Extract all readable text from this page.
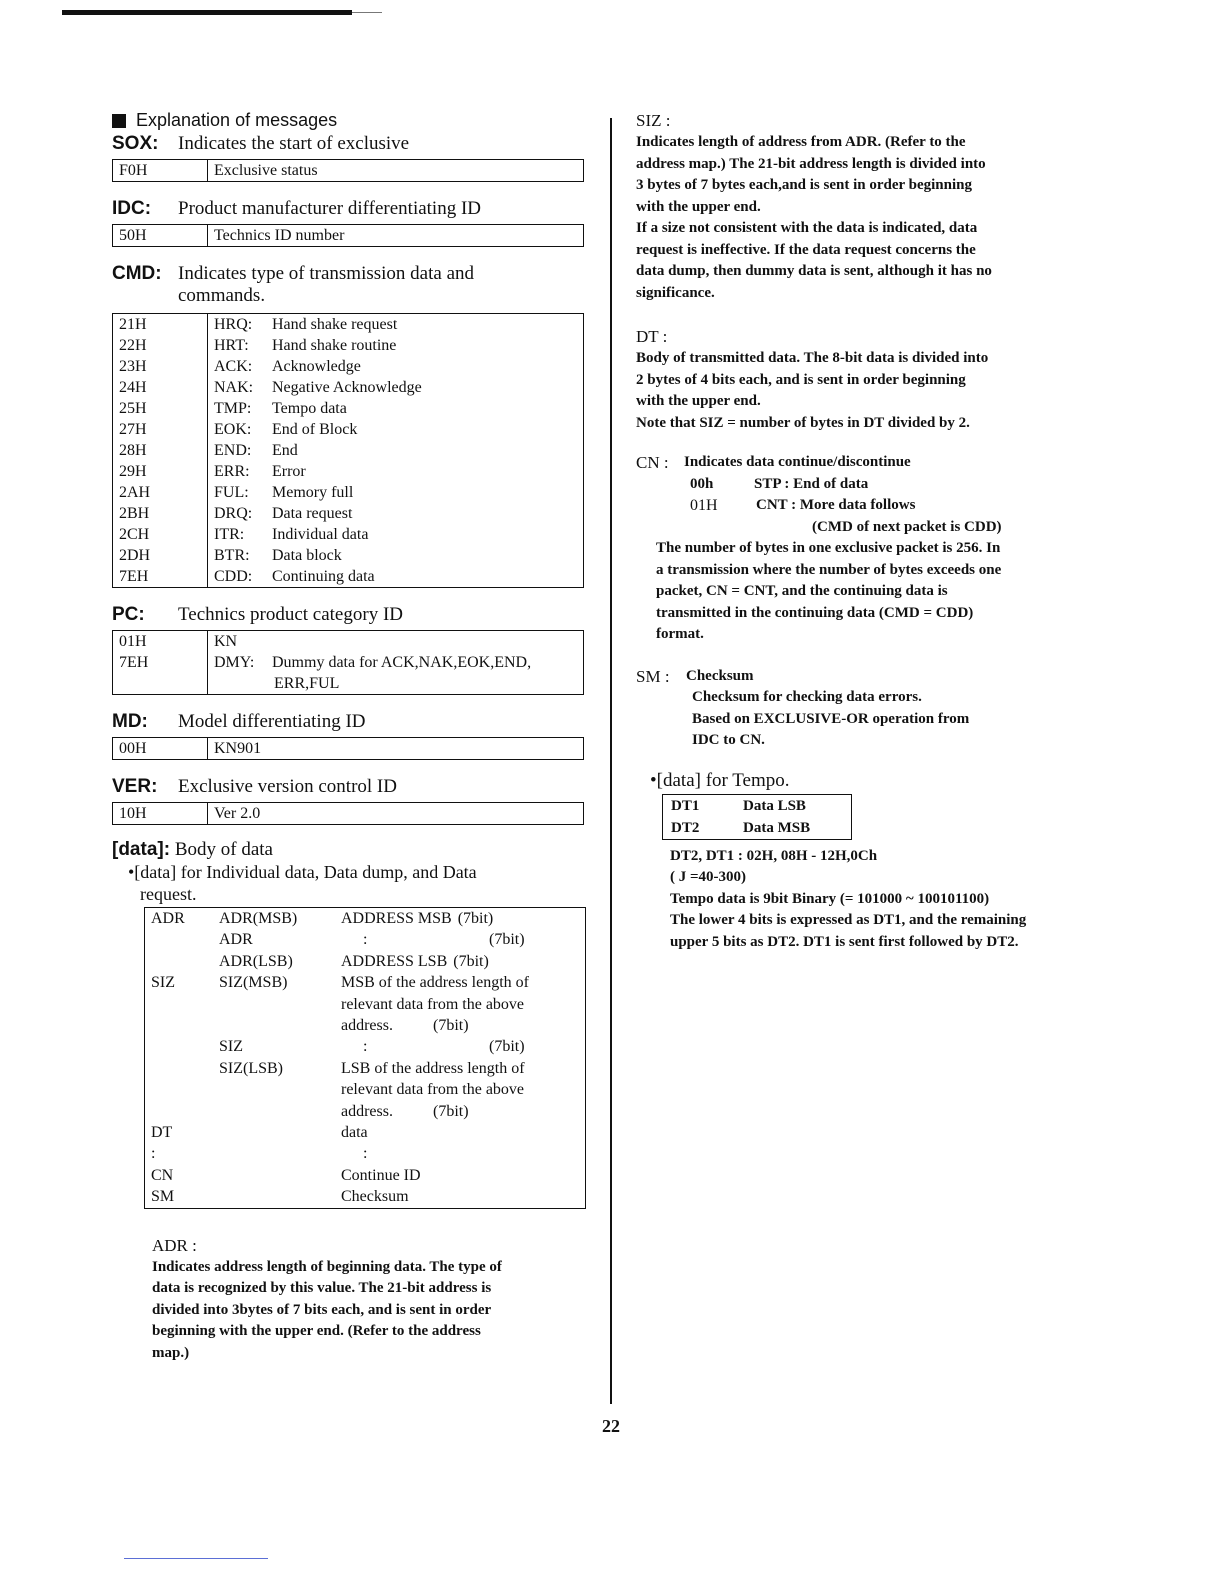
Explanation of messages
SOX:	Indicates the start of exclusive
F0H	Exclusive status
IDC:	Product manufacturer differentiating ID
50H	Technics ID number
CMD: Indicates type of transmission data and
commands.
21H	HRQ: Hand shake request
22H	HRT: Hand shake routine
23H	ACK: Acknowledge
24H	NAK: Negative Acknowledge
25H	TMP: Tempo data
27H	EOK: End of Block
28H	END: End
29H	ERR: Error
2AH	FUL: Memory full
2BH	DRQ: Data request
2CH	ITR: Individual data
2DH	BTR: Data block
7EH	CDD: Continuing data
PC:	Technics product category ID
01H	KN
7EH	DMY: Dummy data for ACK,NAK,EOK,END,
ERR,FUL
MD:	Model differentiating ID
00H	KN901
VER:	Exclusive version control ID
10H	Ver 2.0
[data]: Body of data
•[data] for Individual data, Data dump, and Data
request.
ADR	ADR(MSB)	ADDRESS MSB (7bit)
	ADR	: (7bit)
	ADR(LSB)	ADDRESS LSB (7bit)
SIZ	SIZ(MSB)	MSB of the address length of
		relevant data from the above
		address. (7bit)
	SIZ	: (7bit)
	SIZ(LSB)	LSB of the address length of
		relevant data from the above
		address. (7bit)
DT		data
:		:
CN		Continue ID
SM		Checksum
ADR :
Indicates address length of beginning data. The type of
data is recognized by this value. The 21-bit address is
divided into 3bytes of 7 bits each, and is sent in order
beginning with the upper end. (Refer to the address
map.)
SIZ :
Indicates length of address from ADR. (Refer to the
address map.) The 21-bit address length is divided into
3 bytes of 7 bytes each,and is sent in order beginning
with the upper end.
If a size not consistent with the data is indicated, data
request is ineffective. If the data request concerns the
data dump, then dummy data is sent, although it has no
significance.
DT :
Body of transmitted data. The 8-bit data is divided into
2 bytes of 4 bits each, and is sent in order beginning
with the upper end.
Note that SIZ = number of bytes in DT divided by 2.
CN :	Indicates data continue/discontinue
00h	STP : End of data
01H	CNT : More data follows
(CMD of next packet is CDD)
The number of bytes in one exclusive packet is 256. In
a transmission where the number of bytes exceeds one
packet, CN = CNT, and the continuing data is
transmitted in the continuing data (CMD = CDD)
format.
SM :	Checksum
Checksum for checking data errors.
Based on EXCLUSIVE-OR operation from
IDC to CN.
•[data] for Tempo.
DT1	Data LSB
DT2	Data MSB
DT2, DT1 : 02H, 08H - 12H,0Ch
( J =40-300)
Tempo data is 9bit Binary (= 101000 ~ 100101100)
The lower 4 bits is expressed as DT1, and the remaining
upper 5 bits as DT2. DT1 is sent first followed by DT2.
22
